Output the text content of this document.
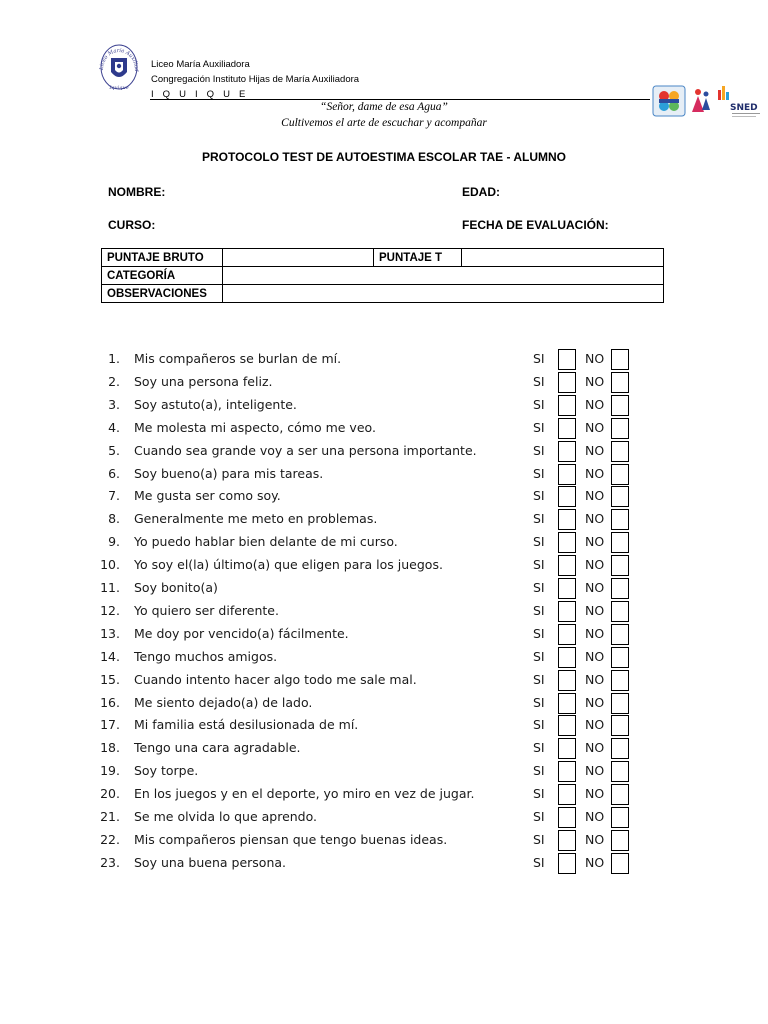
Liceo María Auxiliad
Iquique
Liceo María Auxiliadora
Congregación Instituto Hijas de María Auxiliadora
I Q U I Q U E
SNED
“Señor, dame de esa Agua”
Cultivemos el arte de escuchar y acompañar
PROTOCOLO TEST DE AUTOESTIMA ESCOLAR TAE - ALUMNO
NOMBRE:	EDAD:
CURSO:	FECHA DE EVALUACIÓN:
PUNTAJE BRUTO		PUNTAJE T	
CATEGORÍA			
OBSERVACIONES			
1. Mis compañeros se burlan de mí.	SI	NO
2. Soy una persona feliz.	SI	NO
3. Soy astuto(a), inteligente.	SI	NO
4. Me molesta mi aspecto, cómo me veo.	SI	NO
5. Cuando sea grande voy a ser una persona importante.	SI	NO
6. Soy bueno(a) para mis tareas.	SI	NO
7. Me gusta ser como soy.	SI	NO
8. Generalmente me meto en problemas.	SI	NO
9. Yo puedo hablar bien delante de mi curso.	SI	NO
10. Yo soy el(la) último(a) que eligen para los juegos.	SI	NO
11. Soy bonito(a)	SI	NO
12. Yo quiero ser diferente.	SI	NO
13. Me doy por vencido(a) fácilmente.	SI	NO
14. Tengo muchos amigos.	SI	NO
15. Cuando intento hacer algo todo me sale mal.	SI	NO
16. Me siento dejado(a) de lado.	SI	NO
17. Mi familia está desilusionada de mí.	SI	NO
18. Tengo una cara agradable.	SI	NO
19. Soy torpe.	SI	NO
20. En los juegos y en el deporte, yo miro en vez de jugar.	SI	NO
21. Se me olvida lo que aprendo.	SI	NO
22. Mis compañeros piensan que tengo buenas ideas.	SI	NO
23. Soy una buena persona.	SI	NO
